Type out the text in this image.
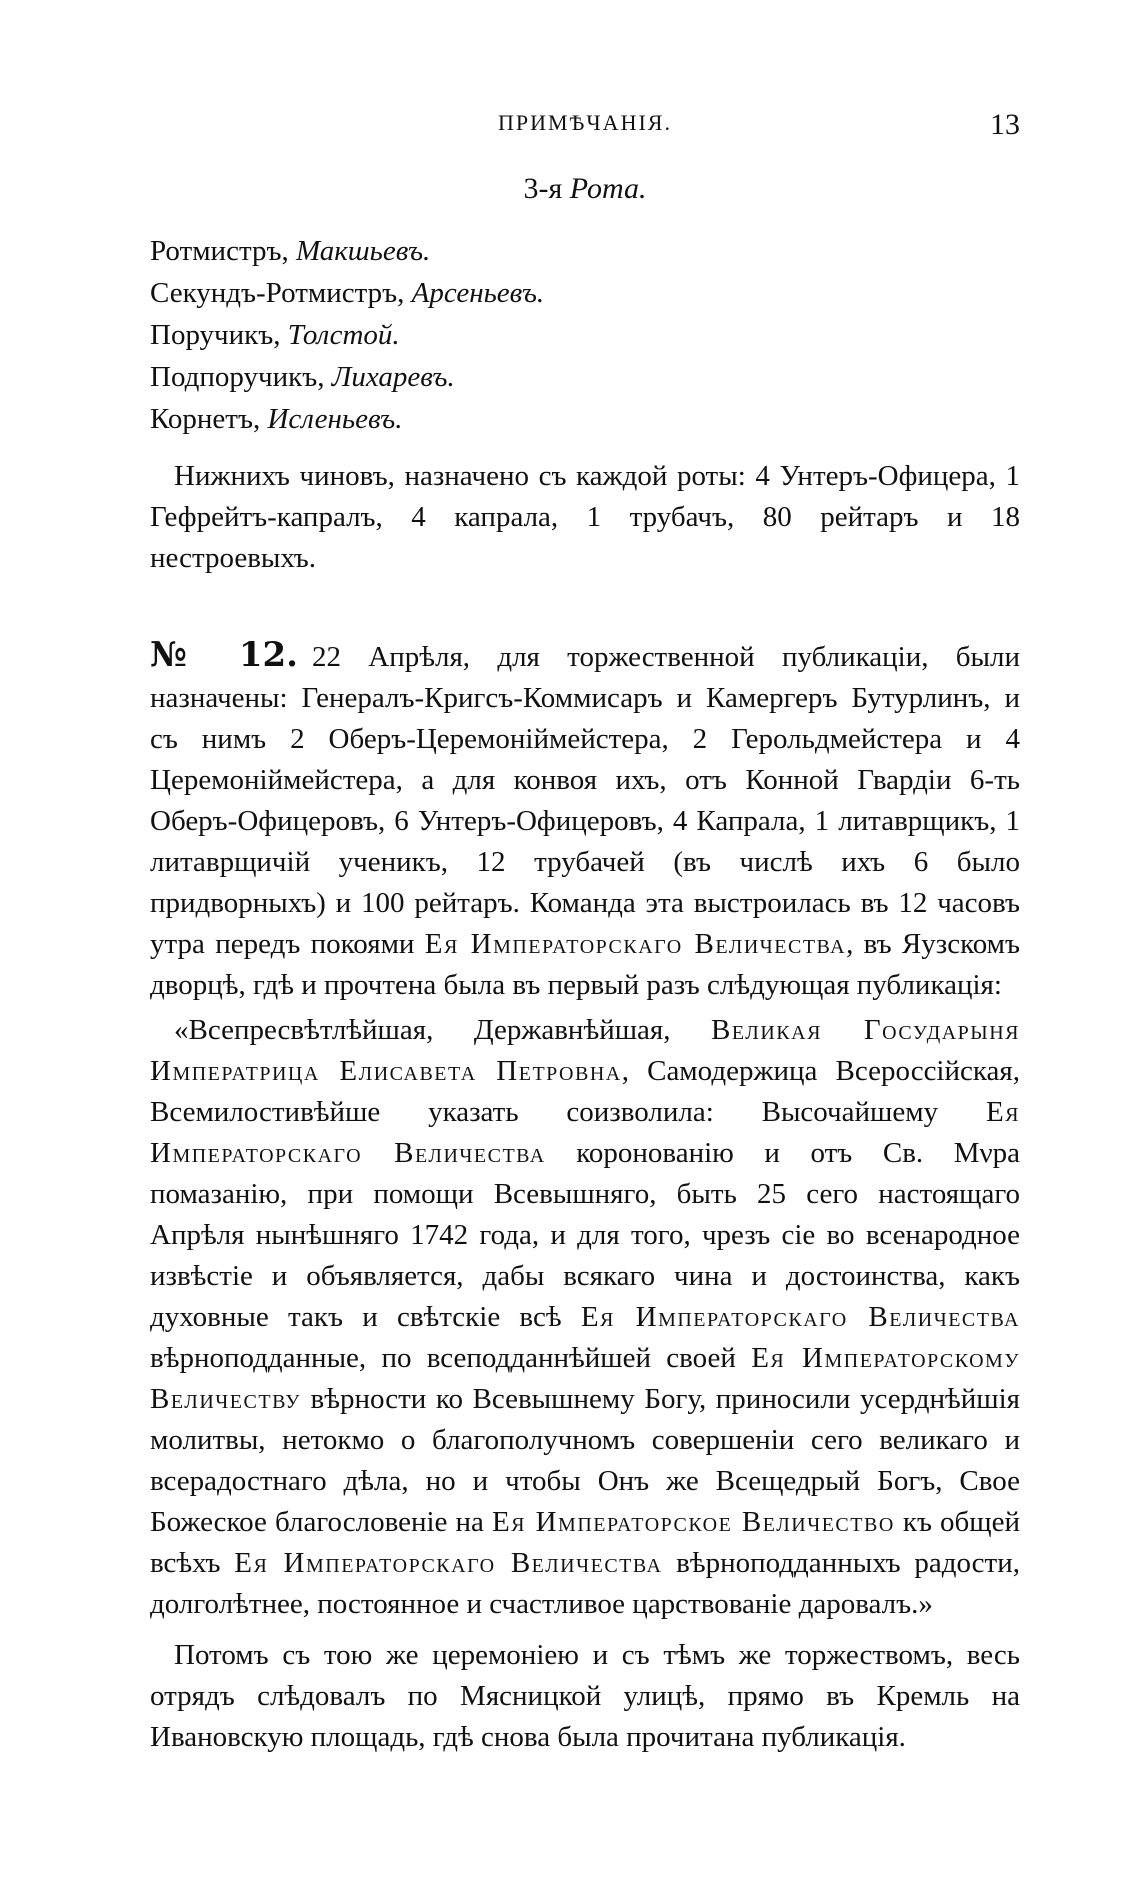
ПРИМѢЧАНІЯ.	13
3-я Рота.
Ротмистръ, Макшьевъ.
Секундъ-Ротмистръ, Арсеньевъ.
Поручикъ, Толстой.
Подпоручикъ, Лихаревъ.
Корнетъ, Исленьевъ.

Нижнихъ чиновъ, назначено съ каждой роты: 4 Унтеръ-Офицера, 1 Гефрейтъ-капралъ, 4 капрала, 1 трубачъ, 80 рейтаръ и 18 нестроевыхъ.

№ 12. 22 Апрѣля, для торжественной публикаціи, были назначены: Генералъ-Кригсъ-Коммисаръ и Камергеръ Бутурлинъ, и съ нимъ 2 Оберъ-Церемоніймейстера, 2 Герольдмейстера и 4 Церемоніймейстера, а для конвоя ихъ, отъ Конной Гвардіи 6-ть Оберъ-Офицеровъ, 6 Унтеръ-Офицеровъ, 4 Капрала, 1 литаврщикъ, 1 литаврщичій ученикъ, 12 трубачей (въ числѣ ихъ 6 было придворныхъ) и 100 рейтаръ. Команда эта выстроилась въ 12 часовъ утра передъ покоями Ея Императорскаго Величества, въ Яузскомъ дворцѣ, гдѣ и прочтена была въ первый разъ слѣдующая публикація:

«Всепресвѣтлѣйшая, Державнѣйшая, Великая Государыня Императрица Елисавета Петровна, Самодержица Всероссійская, Всемилостивѣйше указать соизволила: Высочайшему Ея Императорскаго Величества коронованію и отъ Св. Мνра помазанію, при помощи Всевышняго, быть 25 сего настоящаго Апрѣля нынѣшняго 1742 года, и для того, чрезъ сіе во всенародное извѣстіе и объявляется, дабы всякаго чина и достоинства, какъ духовные такъ и свѣтскіе всѣ Ея Императорскаго Величества вѣрноподданные, по всеподданнѣйшей своей Ея Императорскому Величеству вѣрности ко Всевышнему Богу, приносили усерднѣйшія молитвы, нетокмо о благополучномъ совершеніи сего великаго и всерадостнаго дѣла, но и чтобы Онъ же Всещедрый Богъ, Свое Божеское благословеніе на Ея Императорское Величество къ общей всѣхъ Ея Императорскаго Величества вѣрноподданныхъ радости, долголѣтнее, постоянное и счастливое царствованіе даровалъ.»

Потомъ съ тою же церемоніею и съ тѣмъ же торжествомъ, весь отрядъ слѣдовалъ по Мясницкой улицѣ, прямо въ Кремль на Ивановскую площадь, гдѣ снова была прочитана публикація.
